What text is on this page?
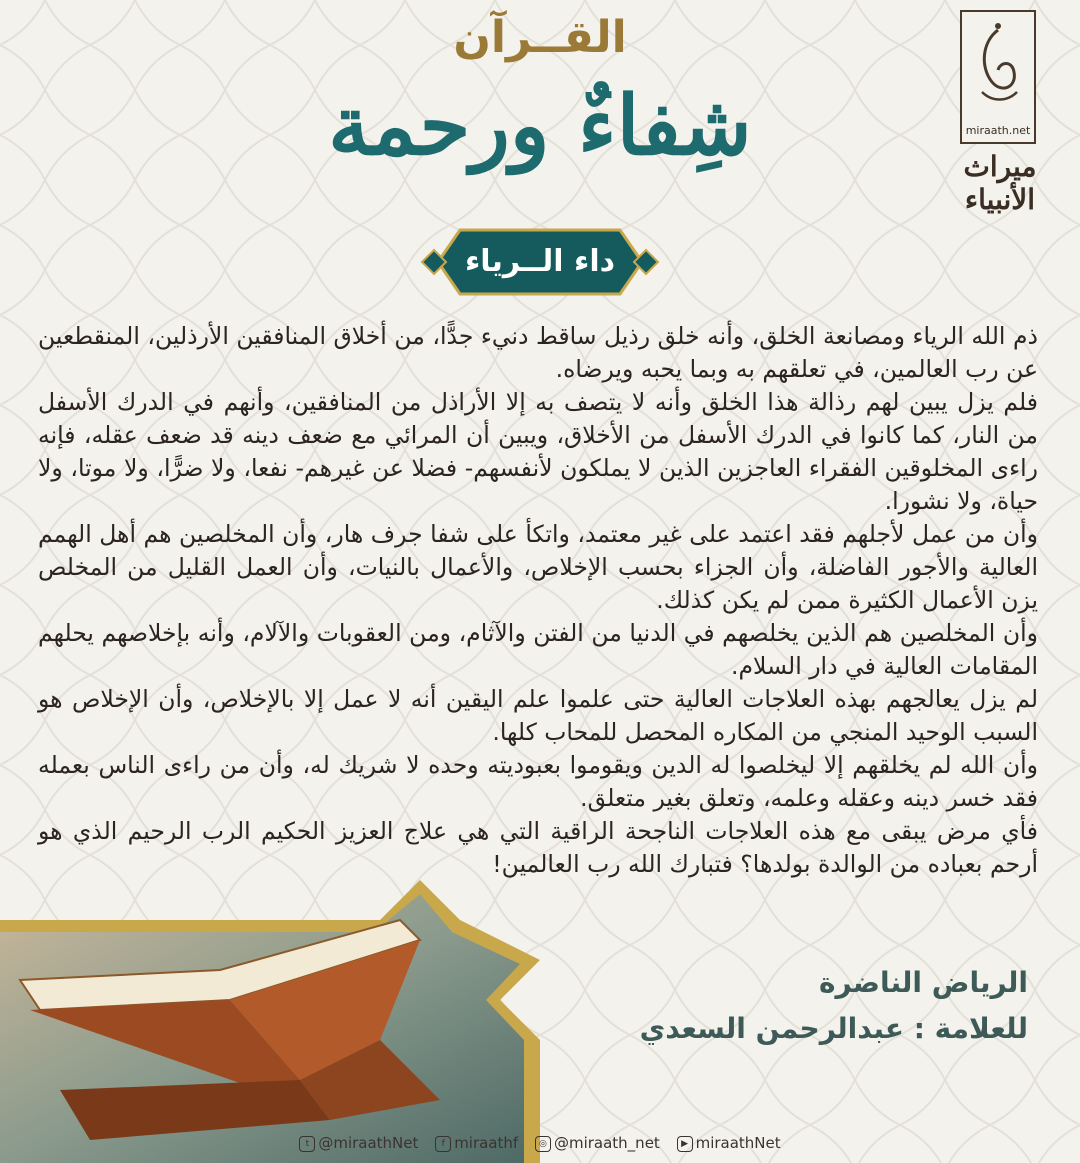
miraath.net
ميراث الأنبياء
القــرآن
شِفاءٌ ورحمة
داء الــرياء

ذم الله الرياء ومصانعة الخلق، وأنه خلق رذيل ساقط دنيء جدًّا، من أخلاق المنافقين الأرذلين، المنقطعين عن رب العالمين، في تعلقهم به وبما يحبه ويرضاه.

فلم يزل يبين لهم رذالة هذا الخلق وأنه لا يتصف به إلا الأراذل من المنافقين، وأنهم في الدرك الأسفل من النار، كما كانوا في الدرك الأسفل من الأخلاق، ويبين أن المرائي مع ضعف دينه قد ضعف عقله، فإنه راءى المخلوقين الفقراء العاجزين الذين لا يملكون لأنفسهم- فضلا عن غيرهم- نفعا، ولا ضرًّا، ولا موتا، ولا حياة، ولا نشورا.

وأن من عمل لأجلهم فقد اعتمد على غير معتمد، واتكأ على شفا جرف هار، وأن المخلصين هم أهل الهمم العالية والأجور الفاضلة، وأن الجزاء بحسب الإخلاص، والأعمال بالنيات، وأن العمل القليل من المخلص يزن الأعمال الكثيرة ممن لم يكن كذلك.

وأن المخلصين هم الذين يخلصهم في الدنيا من الفتن والآثام، ومن العقوبات والآلام، وأنه بإخلاصهم يحلهم المقامات العالية في دار السلام.

لم يزل يعالجهم بهذه العلاجات العالية حتى علموا علم اليقين أنه لا عمل إلا بالإخلاص، وأن الإخلاص هو السبب الوحيد المنجي من المكاره المحصل للمحاب كلها.

وأن الله لم يخلقهم إلا ليخلصوا له الدين ويقوموا بعبوديته وحده لا شريك له، وأن من راءى الناس بعمله فقد خسر دينه وعقله وعلمه، وتعلق بغير متعلق.

فأي مرض يبقى مع هذه العلاجات الناجحة الراقية التي هي علاج العزيز الحكيم الرب الرحيم الذي هو أرحم بعباده من الوالدة بولدها؟ فتبارك الله رب العالمين!

الرياض الناضرة
للعلامة : عبدالرحمن السعدي
t @miraathNet	f miraathf ◎ @miraath_net ▶ miraathNet
